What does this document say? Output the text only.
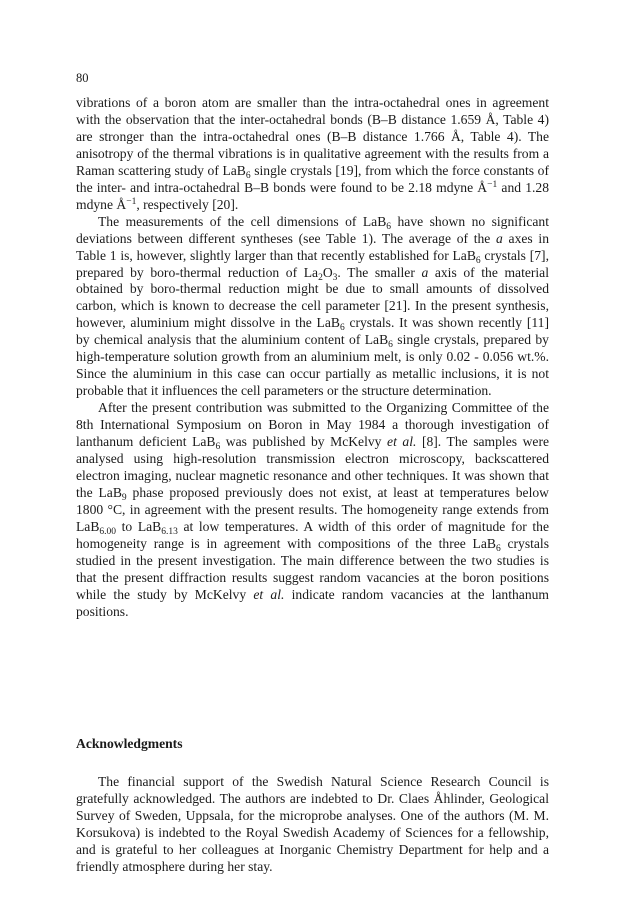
80

vibrations of a boron atom are smaller than the intra-octahedral ones in agreement with the observation that the inter-octahedral bonds (B–B distance 1.659 Å, Table 4) are stronger than the intra-octahedral ones (B–B distance 1.766 Å, Table 4). The anisotropy of the thermal vibrations is in qualitative agreement with the results from a Raman scattering study of LaB$_6$ single crystals [19], from which the force constants of the inter- and intra-octahedral B–B bonds were found to be 2.18 mdyne $Å^{-1}$ and 1.28 mdyne $Å^{-1}$, respectively [20].

The measurements of the cell dimensions of LaB$_6$ have shown no significant deviations between different syntheses (see Table 1). The average of the a axes in Table 1 is, however, slightly larger than that recently established for LaB$_6$ crystals [7], prepared by boro-thermal reduction of $La_2O_3$. The smaller a axis of the material obtained by boro-thermal reduction might be due to small amounts of dissolved carbon, which is known to decrease the cell parameter [21]. In the present synthesis, however, aluminium might dissolve in the LaB$_6$ crystals. It was shown recently [11] by chemical analysis that the aluminium content of LaB$_6$ single crystals, prepared by high-temperature solution growth from an aluminium melt, is only 0.02 - 0.056 wt.%. Since the aluminium in this case can occur partially as metallic inclusions, it is not probable that it influences the cell parameters or the structure determination.

After the present contribution was submitted to the Organizing Committee of the 8th International Symposium on Boron in May 1984 a thorough investigation of lanthanum deficient LaB$_6$ was published by McKelvy et al. [8]. The samples were analysed using high-resolution transmission electron microscopy, backscattered electron imaging, nuclear magnetic resonance and other techniques. It was shown that the LaB$_9$ phase proposed previously does not exist, at least at temperatures below 1800 °C, in agreement with the present results. The homogeneity range extends from LaB$_{6.00}$ to LaB$_{6.13}$ at low temperatures. A width of this order of magnitude for the homogeneity range is in agreement with compositions of the three LaB$_6$ crystals studied in the present investigation. The main difference between the two studies is that the present diffraction results suggest random vacancies at the boron positions while the study by McKelvy et al. indicate random vacancies at the lanthanum positions.

Acknowledgments

The financial support of the Swedish Natural Science Research Council is gratefully acknowledged. The authors are indebted to Dr. Claes Åhlinder, Geological Survey of Sweden, Uppsala, for the microprobe analyses. One of the authors (M. M. Korsukova) is indebted to the Royal Swedish Academy of Sciences for a fellowship, and is grateful to her colleagues at Inorganic Chemistry Department for help and a friendly atmosphere during her stay.
